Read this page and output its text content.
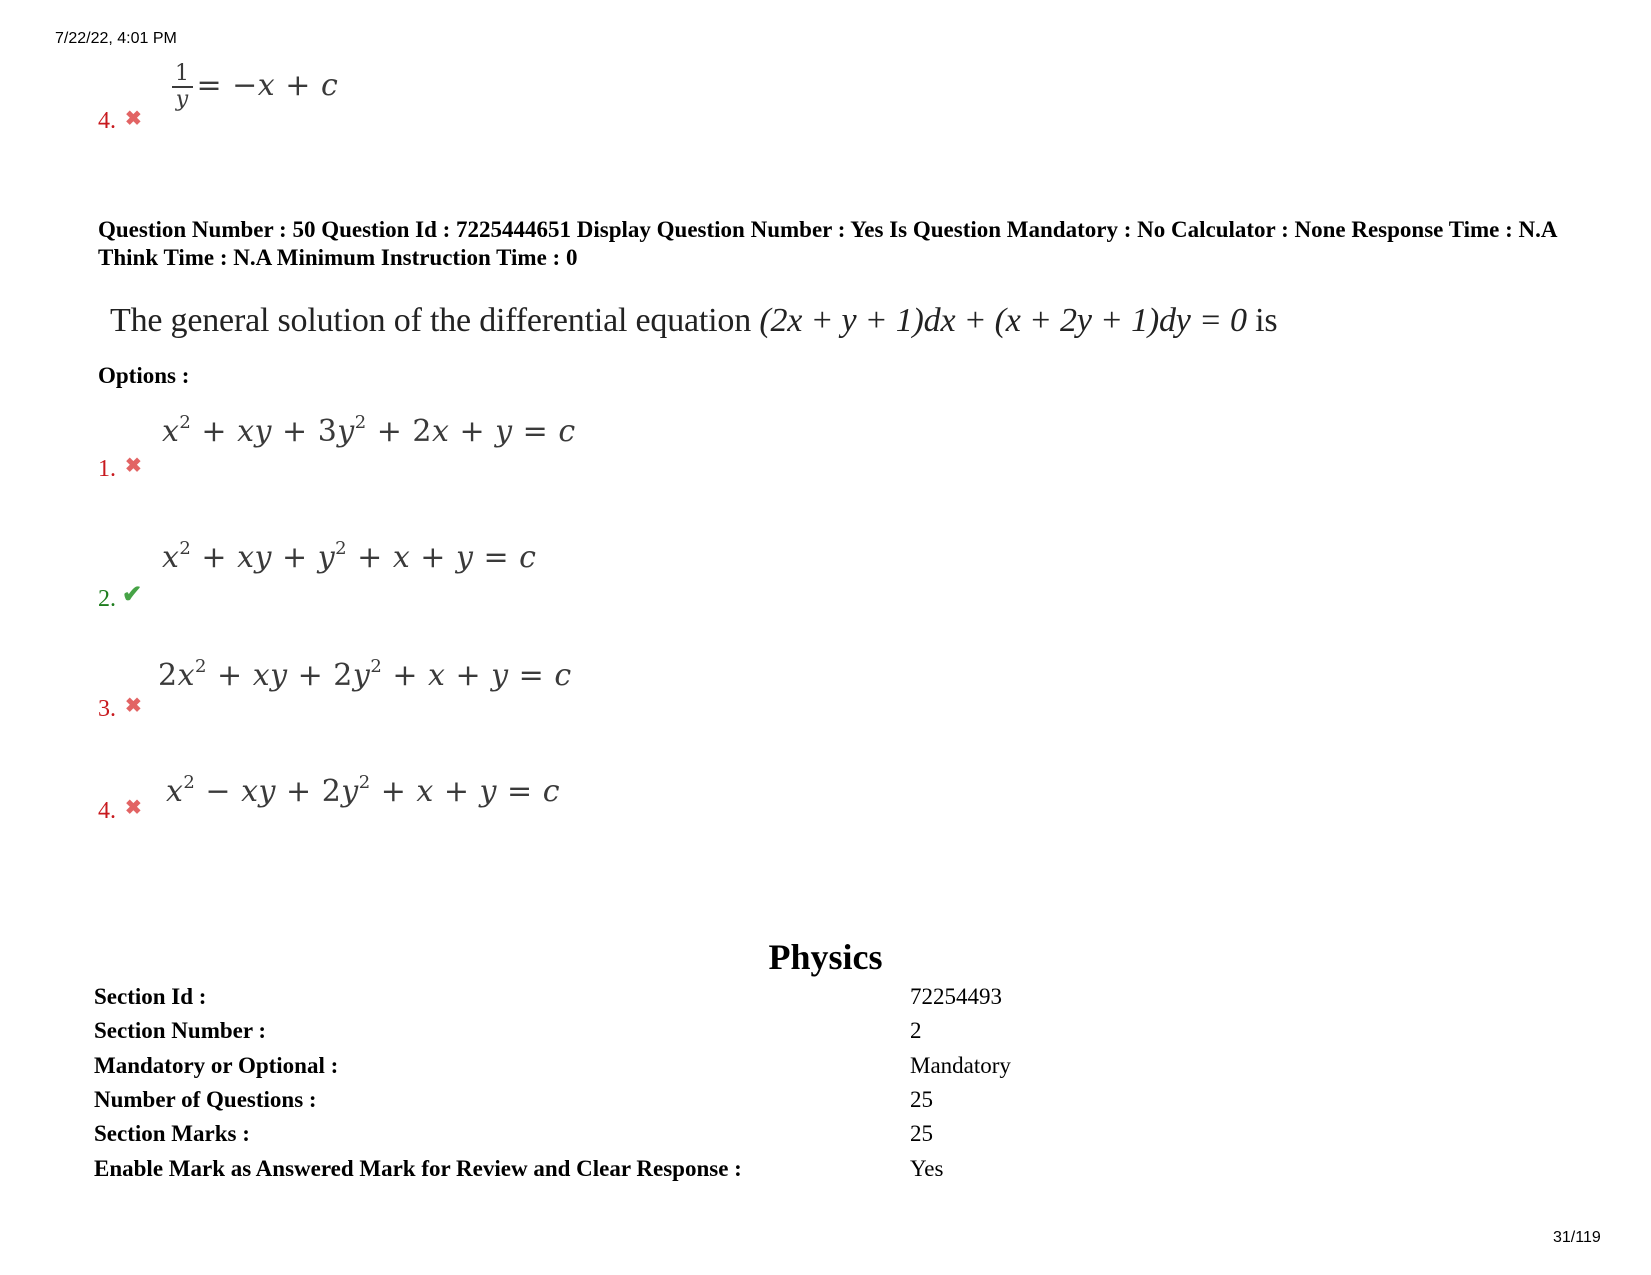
7/22/22, 4:01 PM
4. ✖
$\frac{1}{y} = -x + c$
Question Number : 50 Question Id : 7225444651 Display Question Number : Yes Is Question Mandatory : No Calculator : None Response Time : N.A Think Time : N.A Minimum Instruction Time : 0
The general solution of the differential equation (2x + y + 1)dx + (x + 2y + 1)dy = 0 is
Options :
1. ✖
$x^2$ + xy + $3y^2 + 2x + y = c$
2. ✔
$x^2$ + xy + $y^2 + x + y = c$
3. ✖
$2x^2$ + xy + $2y^2 + x + y = c$
4. ✖ $x^2$ − xy + $2y^2 + x + y = c$
Physics
Section Id :	72254493
Section Number :	2
Mandatory or Optional :	Mandatory
Number of Questions :	25
Section Marks :	25
Enable Mark as Answered Mark for Review and Clear Response :	Yes
31/119
